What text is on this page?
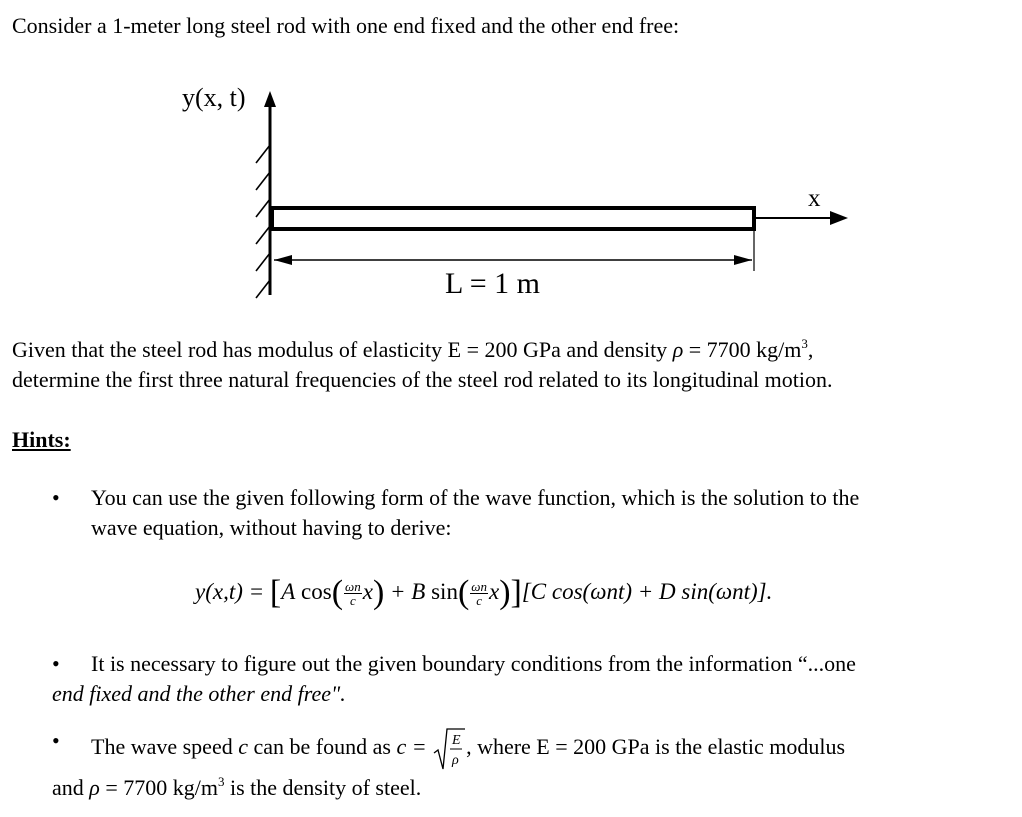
Consider a 1-meter long steel rod with one end fixed and the other end free:
y(x, t)
x
L = 1 m
Given that the steel rod has modulus of elasticity E = 200 GPa and density ρ = 7700 $kg/m^3$,
determine the first three natural frequencies of the steel rod related to its longitudinal motion.
Hints:
• You can use the given following form of the wave function, which is the solution to the
wave equation, without having to derive:
y(x,t) = [A $\cos( \frac{\omega n}{c} x) + B$ $\sin( \frac{\omega n}{c} x)][C$ cos(ωnt) + D sin(ωnt)].
• It is necessary to figure out the given boundary conditions from the information “...one
end fixed and the other end free".
• The wave speed c can be found as c = E
ρ
, where E = 200 GPa is the elastic modulus
and ρ = 7700 $kg/m^3$ is the density of steel.
